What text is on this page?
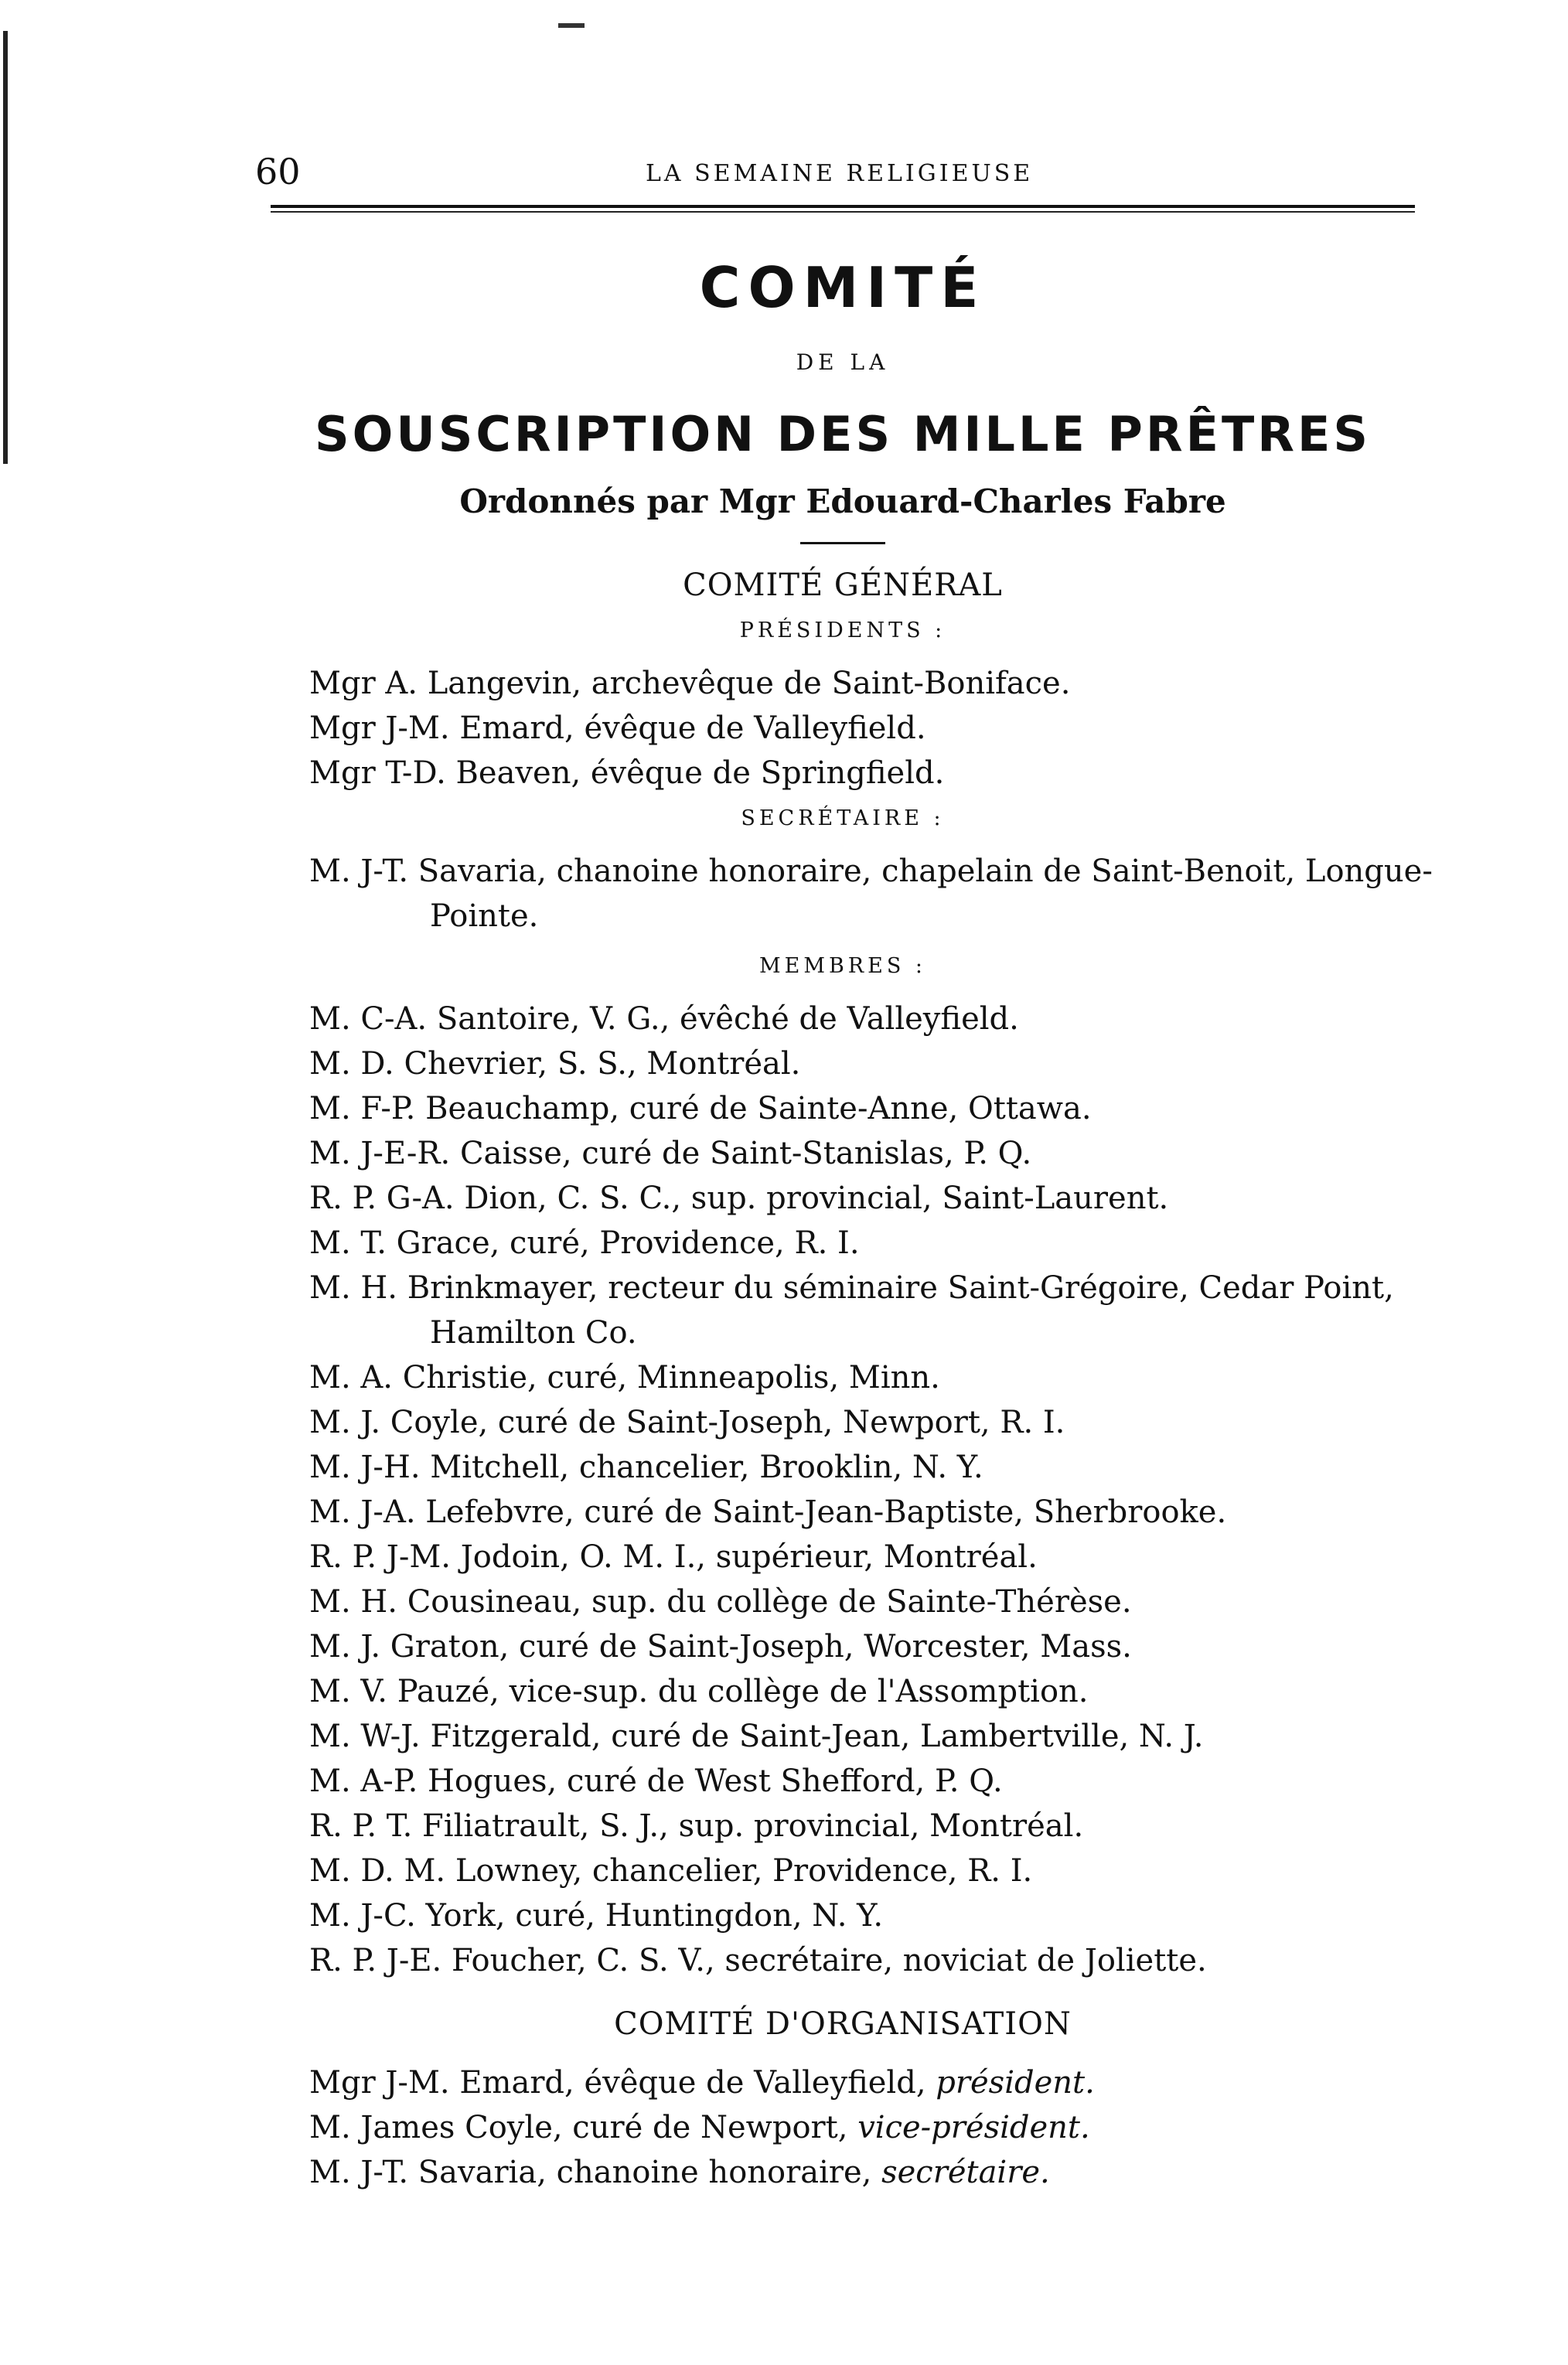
60	LA SEMAINE RELIGIEUSE
COMITÉ
DE LA
SOUSCRIPTION DES MILLE PRÊTRES
Ordonnés par Mgr Edouard-Charles Fabre
COMITÉ GÉNÉRAL
PRÉSIDENTS :
Mgr A. Langevin, archevêque de Saint-Boniface.
Mgr J-M. Emard, évêque de Valleyfield.
Mgr T-D. Beaven, évêque de Springfield.
SECRÉTAIRE :
M. J-T. Savaria, chanoine honoraire, chapelain de Saint-Benoit, Longue-Pointe.
MEMBRES :
M. C-A. Santoire, V. G., évêché de Valleyfield.
M. D. Chevrier, S. S., Montréal.
M. F-P. Beauchamp, curé de Sainte-Anne, Ottawa.
M. J-E-R. Caisse, curé de Saint-Stanislas, P. Q.
R. P. G-A. Dion, C. S. C., sup. provincial, Saint-Laurent.
M. T. Grace, curé, Providence, R. I.
M. H. Brinkmayer, recteur du séminaire Saint-Grégoire, Cedar Point, Hamilton Co.
M. A. Christie, curé, Minneapolis, Minn.
M. J. Coyle, curé de Saint-Joseph, Newport, R. I.
M. J-H. Mitchell, chancelier, Brooklin, N. Y.
M. J-A. Lefebvre, curé de Saint-Jean-Baptiste, Sherbrooke.
R. P. J-M. Jodoin, O. M. I., supérieur, Montréal.
M. H. Cousineau, sup. du collège de Sainte-Thérèse.
M. J. Graton, curé de Saint-Joseph, Worcester, Mass.
M. V. Pauzé, vice-sup. du collège de l'Assomption.
M. W-J. Fitzgerald, curé de Saint-Jean, Lambertville, N. J.
M. A-P. Hogues, curé de West Shefford, P. Q.
R. P. T. Filiatrault, S. J., sup. provincial, Montréal.
M. D. M. Lowney, chancelier, Providence, R. I.
M. J-C. York, curé, Huntingdon, N. Y.
R. P. J-E. Foucher, C. S. V., secrétaire, noviciat de Joliette.
COMITÉ D'ORGANISATION
Mgr J-M. Emard, évêque de Valleyfield, président.
M. James Coyle, curé de Newport, vice-président.
M. J-T. Savaria, chanoine honoraire, secrétaire.
